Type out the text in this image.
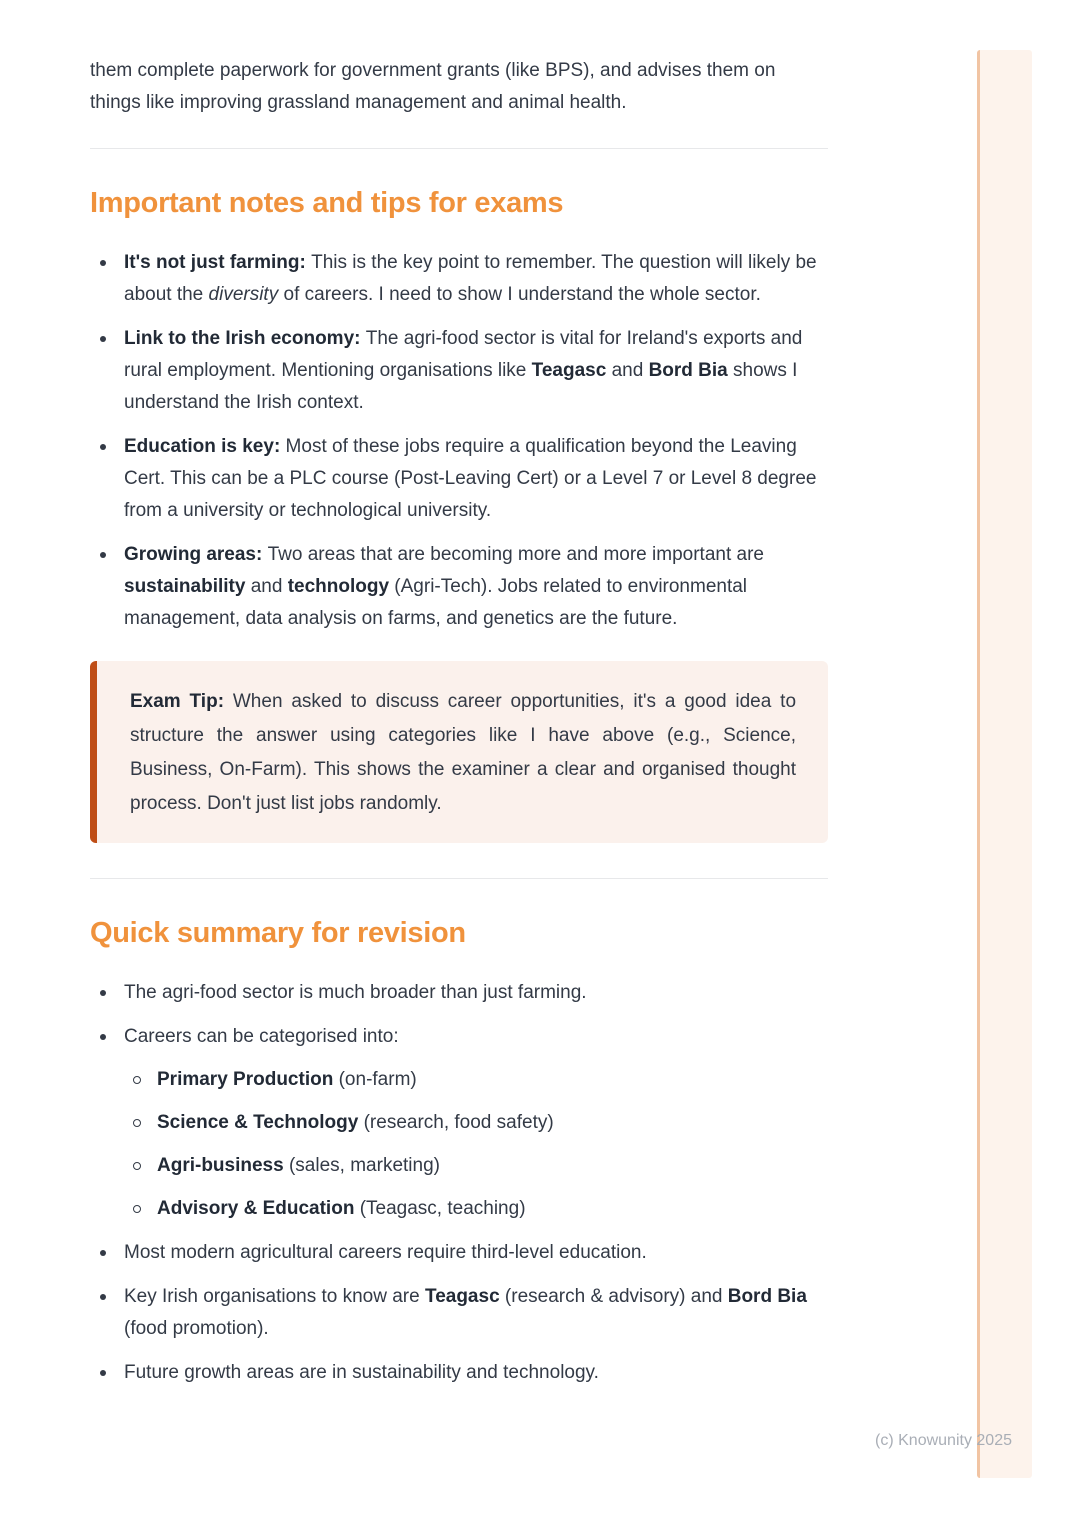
them complete paperwork for government grants (like BPS), and advises them on things like improving grassland management and animal health.

Important notes and tips for exams
It's not just farming: This is the key point to remember. The question will likely be about the diversity of careers. I need to show I understand the whole sector.
Link to the Irish economy: The agri-food sector is vital for Ireland's exports and rural employment. Mentioning organisations like Teagasc and Bord Bia shows I understand the Irish context.
Education is key: Most of these jobs require a qualification beyond the Leaving Cert. This can be a PLC course (Post-Leaving Cert) or a Level 7 or Level 8 degree from a university or technological university.
Growing areas: Two areas that are becoming more and more important are sustainability and technology (Agri-Tech). Jobs related to environmental management, data analysis on farms, and genetics are the future.
Exam Tip: When asked to discuss career opportunities, it's a good idea to structure the answer using categories like I have above (e.g., Science, Business, On-Farm). This shows the examiner a clear and organised thought process. Don't just list jobs randomly.
Quick summary for revision
The agri-food sector is much broader than just farming.
Careers can be categorised into:
Primary Production (on-farm)
Science & Technology (research, food safety)
Agri-business (sales, marketing)
Advisory & Education (Teagasc, teaching)
Most modern agricultural careers require third-level education.
Key Irish organisations to know are Teagasc (research & advisory) and Bord Bia (food promotion).
Future growth areas are in sustainability and technology.
(c) Knowunity 2025
